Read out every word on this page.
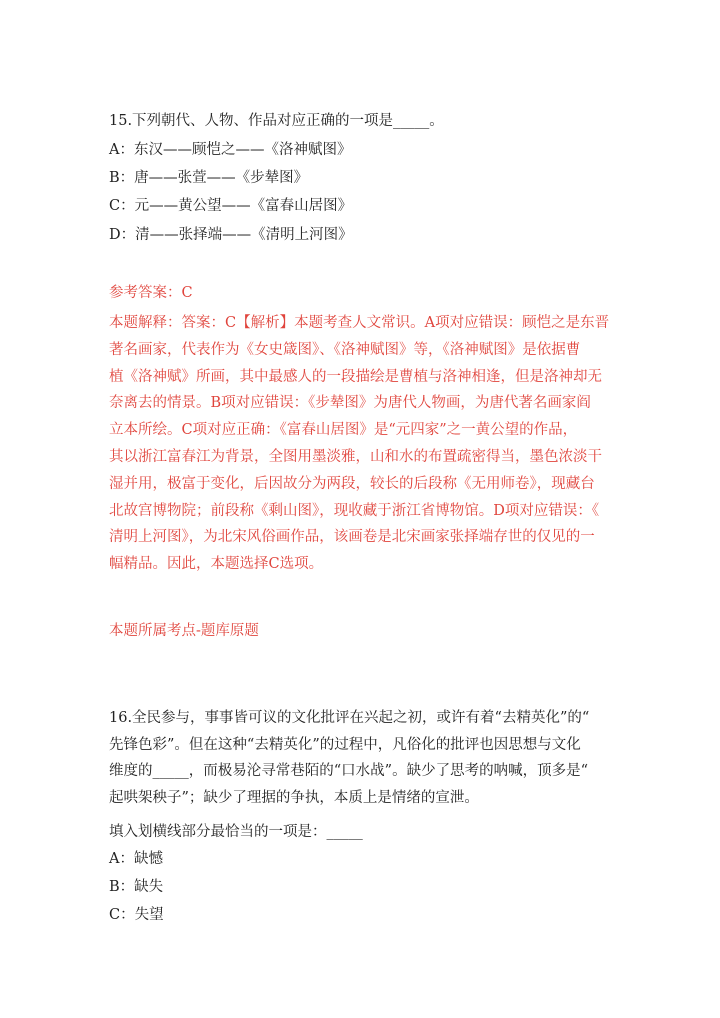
15.下列朝代、人物、作品对应正确的一项是_____。
A：东汉——顾恺之——《洛神赋图》
B：唐——张萱——《步辇图》
C：元——黄公望——《富春山居图》
D：清——张择端——《清明上河图》
参考答案：C
本题解释：答案：C【解析】本题考查人文常识。A项对应错误：顾恺之是东晋
著名画家，代表作为《女史箴图》、《洛神赋图》等，《洛神赋图》是依据曹
植《洛神赋》所画，其中最感人的一段描绘是曹植与洛神相逢，但是洛神却无
奈离去的情景。B项对应错误：《步辇图》为唐代人物画，为唐代著名画家阎
立本所绘。C项对应正确：《富春山居图》是“元四家”之一黄公望的作品，
其以浙江富春江为背景，全图用墨淡雅，山和水的布置疏密得当，墨色浓淡干
湿并用，极富于变化，后因故分为两段，较长的后段称《无用师卷》，现藏台
北故宫博物院；前段称《剩山图》，现收藏于浙江省博物馆。D项对应错误：《
清明上河图》，为北宋风俗画作品，该画卷是北宋画家张择端存世的仅见的一
幅精品。因此，本题选择C选项。
本题所属考点-题库原题
16.全民参与，事事皆可议的文化批评在兴起之初，或许有着“去精英化”的“
先锋色彩”。但在这种“去精英化”的过程中，凡俗化的批评也因思想与文化
维度的_____，而极易沦寻常巷陌的“口水战”。缺少了思考的呐喊，顶多是“
起哄架秧子”；缺少了理据的争执，本质上是情绪的宣泄。
填入划横线部分最恰当的一项是：_____
A：缺憾
B：缺失
C：失望
